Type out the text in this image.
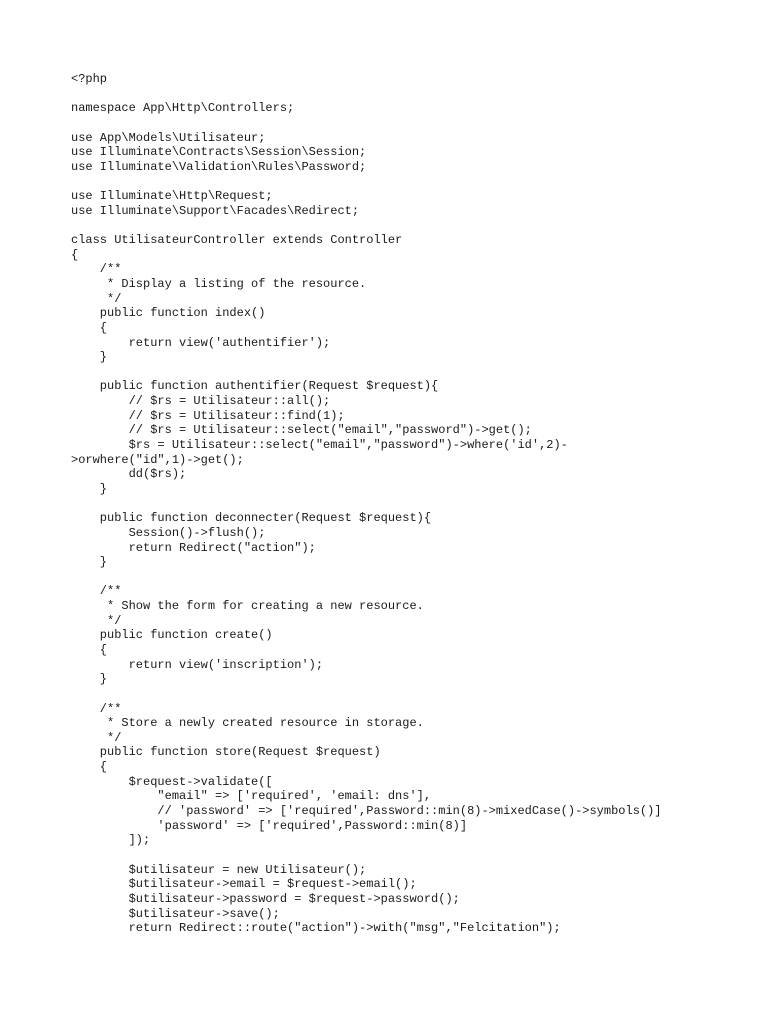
<?php
namespace App\Http\Controllers;
use App\Models\Utilisateur;
use Illuminate\Contracts\Session\Session;
use Illuminate\Validation\Rules\Password;
use Illuminate\Http\Request;
use Illuminate\Support\Facades\Redirect;
class UtilisateurController extends Controller
{
/**
* Display a listing of the resource.
*/
public function index()
{
return view('authentifier');
}
public function authentifier(Request $request){
// $rs = Utilisateur::all();
// $rs = Utilisateur::find(1);
// $rs = Utilisateur::select("email","password")->get();
$rs = Utilisateur::select("email","password")->where('id',2)-
>orwhere("id",1)->get();
dd($rs);
}
public function deconnecter(Request $request){
Session()->flush();
return Redirect("action");
}
/**
* Show the form for creating a new resource.
*/
public function create()
{
return view('inscription');
}
/**
* Store a newly created resource in storage.
*/
public function store(Request $request)
{
$request->validate([
"email" => ['required', 'email: dns'],
// 'password' => ['required',Password::min(8)->mixedCase()->symbols()]
'password' => ['required',Password::min(8)]
]);
$utilisateur = new Utilisateur();
$utilisateur->email = $request->email();
$utilisateur->password = $request->password();
$utilisateur->save();
return Redirect::route("action")->with("msg","Felcitation");
